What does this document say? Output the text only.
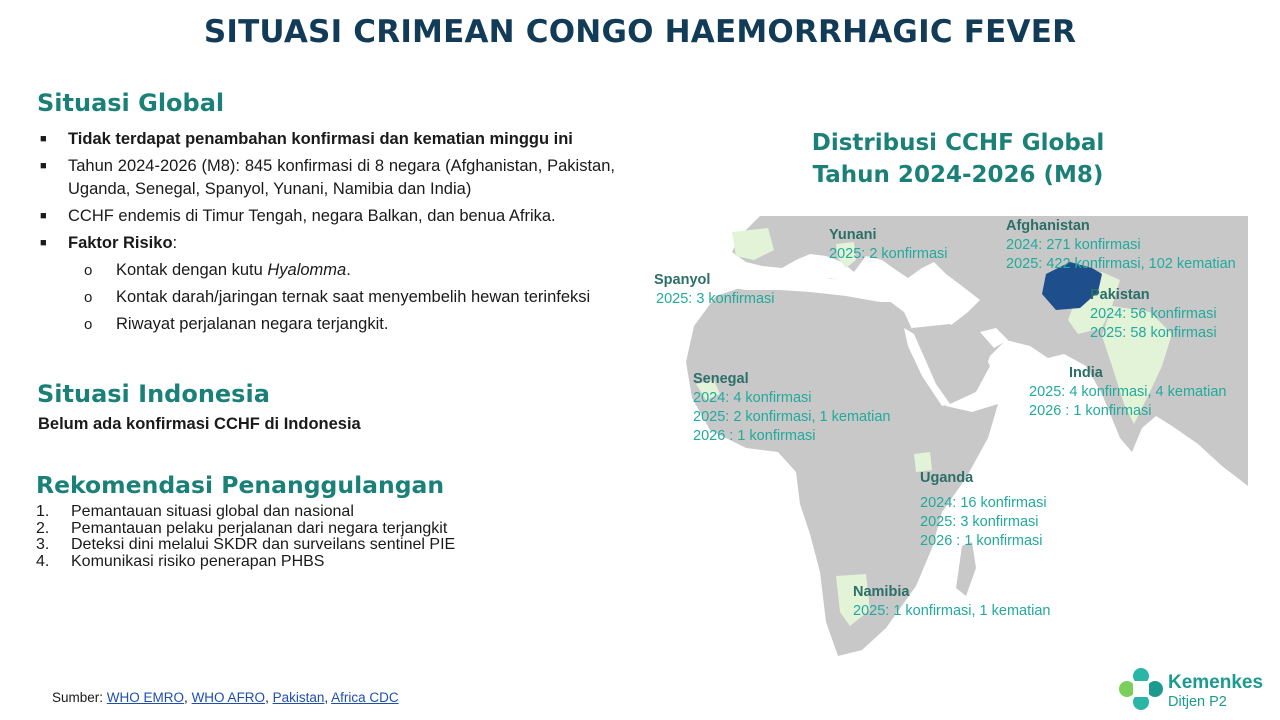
SITUASI CRIMEAN CONGO HAEMORRHAGIC FEVER
Situasi Global
■ Tidak terdapat penambahan konfirmasi dan kematian minggu ini
■ Tahun 2024-2026 (M8): 845 konfirmasi di 8 negara (Afghanistan, Pakistan, Uganda, Senegal, Spanyol, Yunani, Namibia dan India)
■ CCHF endemis di Timur Tengah, negara Balkan, dan benua Afrika.
■ Faktor Risiko:
o Kontak dengan kutu Hyalomma.
o Kontak darah/jaringan ternak saat menyembelih hewan terinfeksi
o Riwayat perjalanan negara terjangkit.
Situasi Indonesia
Belum ada konfirmasi CCHF di Indonesia
Rekomendasi Penanggulangan
1. Pemantauan situasi global dan nasional
2. Pemantauan pelaku perjalanan dari negara terjangkit
3. Deteksi dini melalui SKDR dan surveilans sentinel PIE
4. Komunikasi risiko penerapan PHBS
Sumber: WHO EMRO, WHO AFRO, Pakistan, Africa CDC
Distribusi CCHF Global
Tahun 2024-2026 (M8)
Yunani
2025: 2 konfirmasi
Afghanistan
2024: 271 konfirmasi
2025: 422 konfirmasi, 102 kematian
Spanyol
2025: 3 konfirmasi	Pakistan
2024: 56 konfirmasi
2025: 58 konfirmasi
India
2025: 4 konfirmasi, 4 kematian
2026 : 1 konfirmasi
Senegal
2024: 4 konfirmasi
2025: 2 konfirmasi, 1 kematian
2026 : 1 konfirmasi
Uganda
2024: 16 konfirmasi
2025: 3 konfirmasi
2026 : 1 konfirmasi
Namibia
2025: 1 konfirmasi, 1 kematian
Kemenkes
Ditjen P2
